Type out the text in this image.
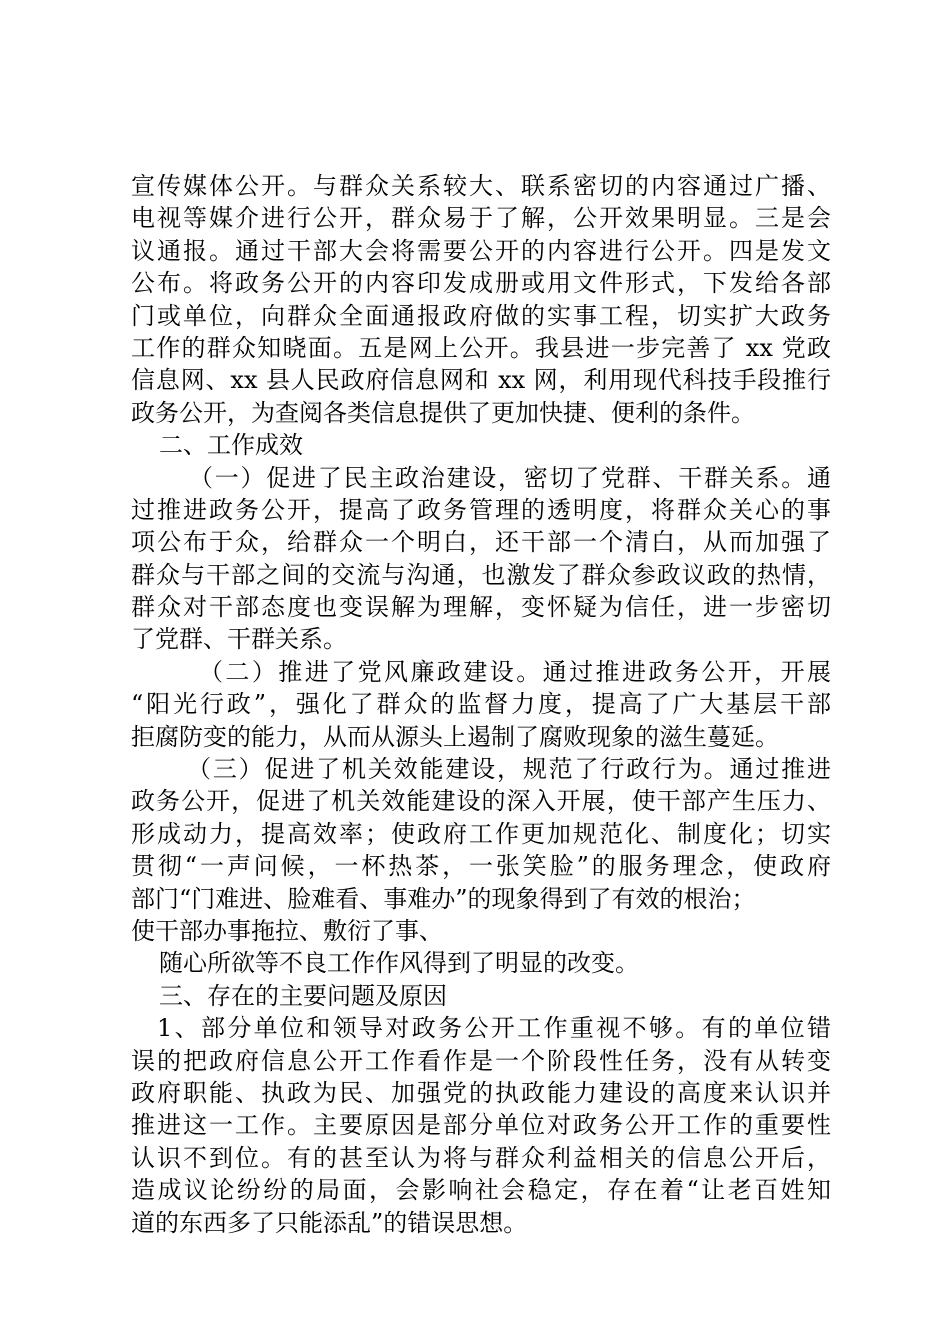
宣传媒体公开。与群众关系较大、联系密切的内容通过广播、
电视等媒介进行公开，群众易于了解，公开效果明显。三是会
议通报。通过干部大会将需要公开的内容进行公开。四是发文
公布。将政务公开的内容印发成册或用文件形式，下发给各部
门或单位，向群众全面通报政府做的实事工程，切实扩大政务
工作的群众知晓面。五是网上公开。我县进一步完善了 xx 党政
信息网、xx 县人民政府信息网和 xx 网，利用现代科技手段推行
政务公开，为查阅各类信息提供了更加快捷、便利的条件。
二、工作成效
（一）促进了民主政治建设，密切了党群、干群关系。通
过推进政务公开，提高了政务管理的透明度，将群众关心的事
项公布于众，给群众一个明白，还干部一个清白，从而加强了
群众与干部之间的交流与沟通，也激发了群众参政议政的热情，
群众对干部态度也变误解为理解，变怀疑为信任，进一步密切
了党群、干群关系。
（二）推进了党风廉政建设。通过推进政务公开，开展
“阳光行政”，强化了群众的监督力度，提高了广大基层干部
拒腐防变的能力，从而从源头上遏制了腐败现象的滋生蔓延。
（三）促进了机关效能建设，规范了行政行为。通过推进
政务公开，促进了机关效能建设的深入开展，使干部产生压力、
形成动力，提高效率；使政府工作更加规范化、制度化；切实
贯彻“一声问候，一杯热茶，一张笑脸”的服务理念，使政府
部门“门难进、脸难看、事难办”的现象得到了有效的根治；
使干部办事拖拉、敷衍了事、
随心所欲等不良工作作风得到了明显的改变。
三、存在的主要问题及原因
1、部分单位和领导对政务公开工作重视不够。有的单位错
误的把政府信息公开工作看作是一个阶段性任务，没有从转变
政府职能、执政为民、加强党的执政能力建设的高度来认识并
推进这一工作。主要原因是部分单位对政务公开工作的重要性
认识不到位。有的甚至认为将与群众利益相关的信息公开后，
造成议论纷纷的局面，会影响社会稳定，存在着“让老百姓知
道的东西多了只能添乱”的错误思想。
